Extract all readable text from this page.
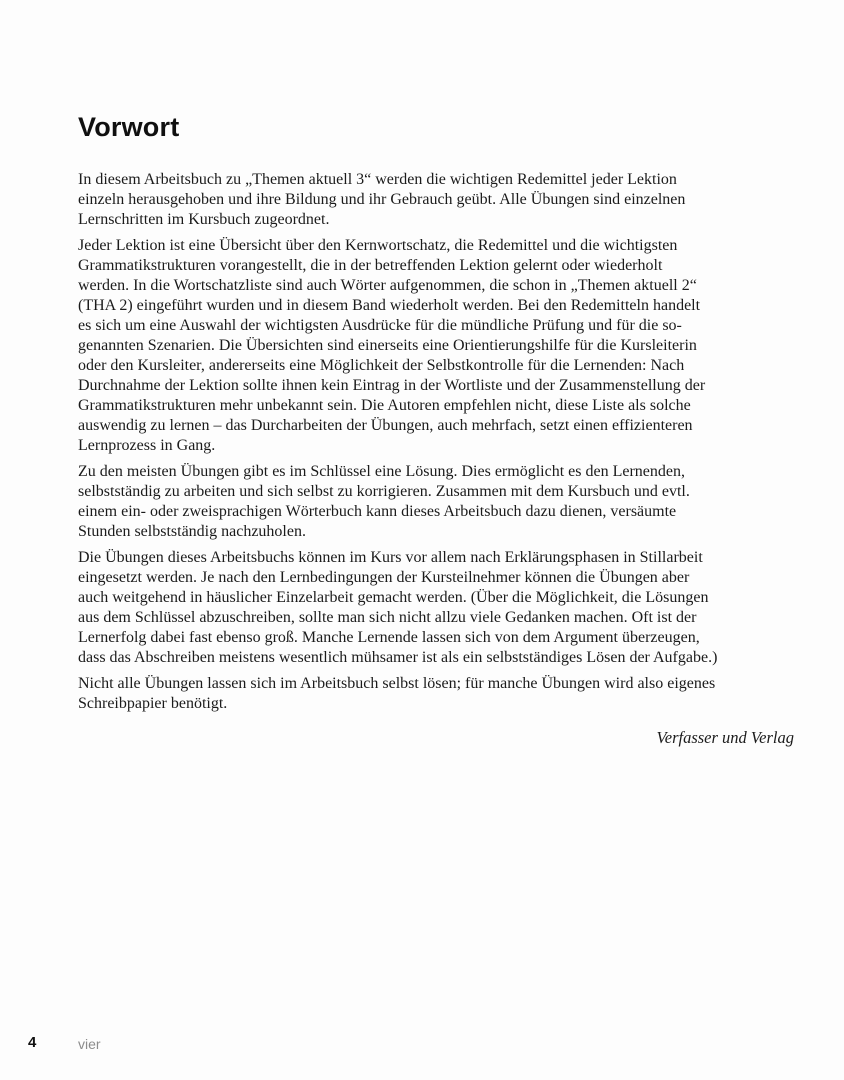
Vorwort

In diesem Arbeitsbuch zu „Themen aktuell 3“ werden die wichtigen Redemittel jeder Lektion
einzeln herausgehoben und ihre Bildung und ihr Gebrauch geübt. Alle Übungen sind einzelnen
Lernschritten im Kursbuch zugeordnet.

Jeder Lektion ist eine Übersicht über den Kernwortschatz, die Redemittel und die wichtigsten
Grammatikstrukturen vorangestellt, die in der betreffenden Lektion gelernt oder wiederholt
werden. In die Wortschatzliste sind auch Wörter aufgenommen, die schon in „Themen aktuell 2“
(THA 2) eingeführt wurden und in diesem Band wiederholt werden. Bei den Redemitteln handelt
es sich um eine Auswahl der wichtigsten Ausdrücke für die mündliche Prüfung und für die so-
genannten Szenarien. Die Übersichten sind einerseits eine Orientierungshilfe für die Kursleiterin
oder den Kursleiter, andererseits eine Möglichkeit der Selbstkontrolle für die Lernenden: Nach
Durchnahme der Lektion sollte ihnen kein Eintrag in der Wortliste und der Zusammenstellung der
Grammatikstrukturen mehr unbekannt sein. Die Autoren empfehlen nicht, diese Liste als solche
auswendig zu lernen – das Durcharbeiten der Übungen, auch mehrfach, setzt einen effizienteren
Lernprozess in Gang.

Zu den meisten Übungen gibt es im Schlüssel eine Lösung. Dies ermöglicht es den Lernenden,
selbstständig zu arbeiten und sich selbst zu korrigieren. Zusammen mit dem Kursbuch und evtl.
einem ein- oder zweisprachigen Wörterbuch kann dieses Arbeitsbuch dazu dienen, versäumte
Stunden selbstständig nachzuholen.

Die Übungen dieses Arbeitsbuchs können im Kurs vor allem nach Erklärungsphasen in Stillarbeit
eingesetzt werden. Je nach den Lernbedingungen der Kursteilnehmer können die Übungen aber
auch weitgehend in häuslicher Einzelarbeit gemacht werden. (Über die Möglichkeit, die Lösungen
aus dem Schlüssel abzuschreiben, sollte man sich nicht allzu viele Gedanken machen. Oft ist der
Lernerfolg dabei fast ebenso groß. Manche Lernende lassen sich von dem Argument überzeugen,
dass das Abschreiben meistens wesentlich mühsamer ist als ein selbstständiges Lösen der Aufgabe.)

Nicht alle Übungen lassen sich im Arbeitsbuch selbst lösen; für manche Übungen wird also eigenes
Schreibpapier benötigt.

Verfasser und Verlag
4	vier
